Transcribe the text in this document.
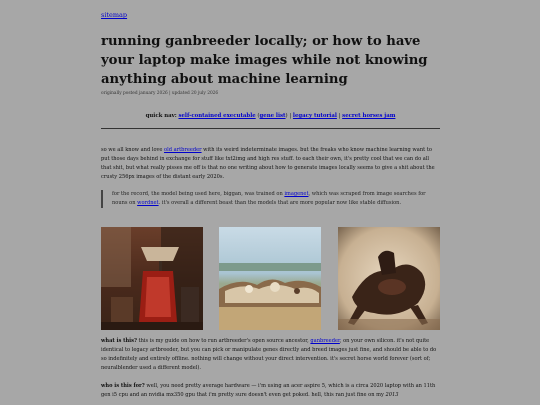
sitemap
running ganbreeder locally; or how to have your laptop make images while not knowing anything about machine learning
originally posted january 2026 | updated 20 july 2026
quick nav: self-contained executable (gene list) | legacy tutorial | secret horses jam

so we all know and love old artbreeder with its weird indeterminate images. but the freaks who know machine learning want to put those days behind in exchange for stuff like txt2img and high res stuff. to each their own, it's pretty cool that we can do all that shit, but what really pisses me off is that no one writing about how to generate images locally seems to give a shit about the crusty 256px images of the distant early 2020s.

for the record, the model being used here, biggan, was trained on imagenet, which was scraped from image searches for nouns on wordnet. it's overall a different beast than the models that are more popular now like stable diffusion.

what is this? this is my guide on how to run artbreeder's open source ancestor, ganbreeder, on your own silicon. it's not quite identical to legacy artbreeder, but you can pick or manipulate genes directly and breed images just fine, and should be able to do so indefinitely and entirely offline. nothing will change without your direct intervention. it's secret horse world forever (sort of; neuralblender used a different model).

who is this for? well, you need pretty average hardware — i'm using an acer aspire 5, which is a circa 2020 laptop with an 11th gen i5 cpu and an nvidia mx350 gpu that i'm pretty sure doesn't even get poked. hell, this ran just fine on my 2013
